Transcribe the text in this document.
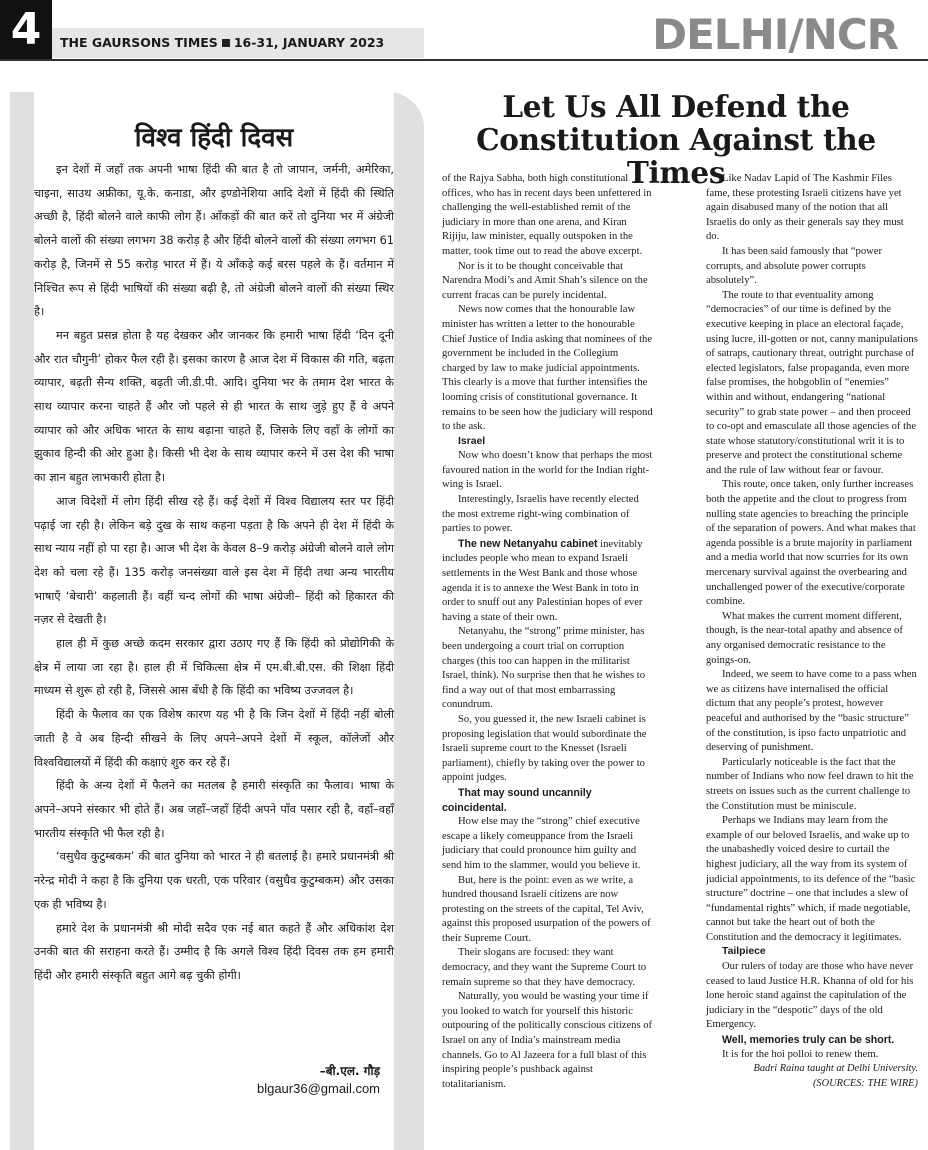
4	THE GAURSONS TIMES 16-31, JANUARY 2023	DELHI/NCR
विश्व हिंदी दिवस

इन देशों में जहाँ तक अपनी भाषा हिंदी की बात है तो जापान, जर्मनी, अमेरिका, चाइना, साउथ अफ्रीका, यू.के. कनाडा, और इण्डोनेशिया आदि देशों में हिंदी की स्थिति अच्छी है, हिंदी बोलने वाले काफी लोग हैं। आँकड़ों की बात करें तो दुनिया भर में अंग्रेजी बोलने वालों की संख्या लगभग 38 करोड़ है और हिंदी बोलने वालों की संख्या लगभग 61 करोड़ है, जिनमें से 55 करोड़ भारत में हैं। ये आँकड़े कई बरस पहले के हैं। वर्तमान में निश्चित रूप से हिंदी भाषियों की संख्या बढ़ी है, तो अंग्रेजी बोलने वालों की संख्या स्थिर है।

मन बहुत प्रसन्न होता है यह देखकर और जानकर कि हमारी भाषा हिंदी ‘दिन दूनी और रात चौगुनी’ होकर फैल रही है। इसका कारण है आज देश में विकास की गति, बढ़ता व्यापार, बढ़ती सैन्य शक्ति, बढ़ती जी.डी.पी. आदि। दुनिया भर के तमाम देश भारत के साथ व्यापार करना चाहते हैं और जो पहले से ही भारत के साथ जुड़े हुए हैं वे अपने व्यापार को और अधिक भारत के साथ बढ़ाना चाहते हैं, जिसके लिए वहाँ के लोगों का झुकाव हिन्दी की ओर हुआ है। किसी भी देश के साथ व्यापार करने में उस देश की भाषा का ज्ञान बहुत लाभकारी होता है।

आज विदेशों में लोग हिंदी सीख रहे हैं। कई देशों में विश्व विद्यालय स्तर पर हिंदी पढ़ाई जा रही है। लेकिन बड़े दुख के साथ कहना पड़ता है कि अपने ही देश में हिंदी के साथ न्याय नहीं हो पा रहा है। आज भी देश के केवल 8–9 करोड़ अंग्रेजी बोलने वाले लोग देश को चला रहे हैं। 135 करोड़ जनसंख्या वाले इस देश में हिंदी तथा अन्य भारतीय भाषाएँ ‘बेचारी’ कहलाती हैं। वहीं चन्द लोगों की भाषा अंग्रेजी– हिंदी को हिकारत की नज़र से देखती है।

हाल ही में कुछ अच्छे कदम सरकार द्वारा उठाए गए हैं कि हिंदी को प्रोद्योगिकी के क्षेत्र में लाया जा रहा है। हाल ही में चिकित्सा क्षेत्र में एम.बी.बी.एस. की शिक्षा हिंदी माध्यम से शुरू हो रही है, जिससे आस बँधी है कि हिंदी का भविष्य उज्जवल है।

हिंदी के फैलाव का एक विशेष कारण यह भी है कि जिन देशों में हिंदी नहीं बोली जाती है वे अब हिन्दी सीखने के लिए अपने–अपने देशों में स्कूल, कॉलेजों और विश्वविद्यालयों में हिंदी की कक्षाएं शुरु कर रहे हैं।

हिंदी के अन्य देशों में फैलने का मतलब है हमारी संस्कृति का फैलाव। भाषा के अपने–अपने संस्कार भी होते हैं। अब जहाँ–जहाँ हिंदी अपने पाँव पसार रही है, वहाँ–वहाँ भारतीय संस्कृति भी फैल रही है।

‘वसुधैव कुटुम्बकम’ की बात दुनिया को भारत ने ही बतलाई है। हमारे प्रधानमंत्री श्री नरेन्द्र मोदी ने कहा है कि दुनिया एक धरती, एक परिवार (वसुधैव कुटुम्बकम) और उसका एक ही भविष्य है।

हमारे देश के प्रधानमंत्री श्री मोदी सदैव एक नई बात कहते हैं और अधिकांश देश उनकी बात की सराहना करते हैं। उम्मीद है कि अगले विश्व हिंदी दिवस तक हम हमारी हिंदी और हमारी संस्कृति बहुत आगे बढ़ चुकी होगी।

–बी.एल. गौड़
blgaur36@gmail.com
Let Us All Defend the
Constitution Against the Times

of the Rajya Sabha, both high constitutional offices, who has in recent days been unfettered in challenging the well-established remit of the judiciary in more than one arena, and Kiran Rijiju, law minister, equally outspoken in the matter, took time out to read the above excerpt.

Nor is it to be thought conceivable that Narendra Modi’s and Amit Shah’s silence on the current fracas can be purely incidental.

News now comes that the honourable law minister has written a letter to the honourable Chief Justice of India asking that nominees of the government be included in the Collegium charged by law to make judicial appointments. This clearly is a move that further intensifies the looming crisis of constitutional governance. It remains to be seen how the judiciary will respond to the ask.

Israel

Now who doesn’t know that perhaps the most favoured nation in the world for the Indian right-wing is Israel.

Interestingly, Israelis have recently elected the most extreme right-wing combination of parties to power.

The new Netanyahu cabinet inevitably includes people who mean to expand Israeli settlements in the West Bank and those whose agenda it is to annexe the West Bank in toto in order to snuff out any Palestinian hopes of ever having a state of their own.

Netanyahu, the “strong” prime minister, has been undergoing a court trial on corruption charges (this too can happen in the militarist Israel, think). No surprise then that he wishes to find a way out of that most embarrassing conundrum.

So, you guessed it, the new Israeli cabinet is proposing legislation that would subordinate the Israeli supreme court to the Knesset (Israeli parliament), chiefly by taking over the power to appoint judges.

That may sound uncannily coincidental.

How else may the “strong” chief executive escape a likely comeuppance from the Israeli judiciary that could pronounce him guilty and send him to the slammer, would you believe it.

But, here is the point: even as we write, a hundred thousand Israeli citizens are now protesting on the streets of the capital, Tel Aviv, against this proposed usurpation of the powers of their Supreme Court.

Their slogans are focused: they want democracy, and they want the Supreme Court to remain supreme so that they have democracy.

Naturally, you would be wasting your time if you looked to watch for yourself this historic outpouring of the politically conscious citizens of Israel on any of India’s mainstream media channels. Go to Al Jazeera for a full blast of this inspiring people’s pushback against totalitarianism.

Like Nadav Lapid of The Kashmir Files fame, these protesting Israeli citizens have yet again disabused many of the notion that all Israelis do only as their generals say they must do.

It has been said famously that “power corrupts, and absolute power corrupts absolutely”.

The route to that eventuality among “democracies” of our time is defined by the executive keeping in place an electoral façade, using lucre, ill-gotten or not, canny manipulations of satraps, cautionary threat, outright purchase of elected legislators, false propaganda, even more false promises, the hobgoblin of “enemies” within and without, endangering “national security” to grab state power – and then proceed to co-opt and emasculate all those agencies of the state whose statutory/constitutional writ it is to preserve and protect the constitutional scheme and the rule of law without fear or favour.

This route, once taken, only further increases both the appetite and the clout to progress from nulling state agencies to breaching the principle of the separation of powers. And what makes that agenda possible is a brute majority in parliament and a media world that now scurries for its own mercenary survival against the overbearing and unchallenged power of the executive/corporate combine.

What makes the current moment different, though, is the near-total apathy and absence of any organised democratic resistance to the goings-on.

Indeed, we seem to have come to a pass when we as citizens have internalised the official dictum that any people’s protest, however peaceful and authorised by the “basic structure” of the constitution, is ipso facto unpatriotic and deserving of punishment.

Particularly noticeable is the fact that the number of Indians who now feel drawn to hit the streets on issues such as the current challenge to the Constitution must be miniscule.

Perhaps we Indians may learn from the example of our beloved Israelis, and wake up to the unabashedly voiced desire to curtail the highest judiciary, all the way from its system of judicial appointments, to its defence of the “basic structure” doctrine – one that includes a slew of “fundamental rights” which, if made negotiable, cannot but take the heart out of both the Constitution and the democracy it legitimates.

Tailpiece

Our rulers of today are those who have never ceased to laud Justice H.R. Khanna of old for his lone heroic stand against the capitulation of the judiciary in the “despotic” days of the old Emergency.

Well, memories truly can be short.

It is for the hoi polloi to renew them.

Badri Raina taught at Delhi University.

(SOURCES: THE WIRE)
